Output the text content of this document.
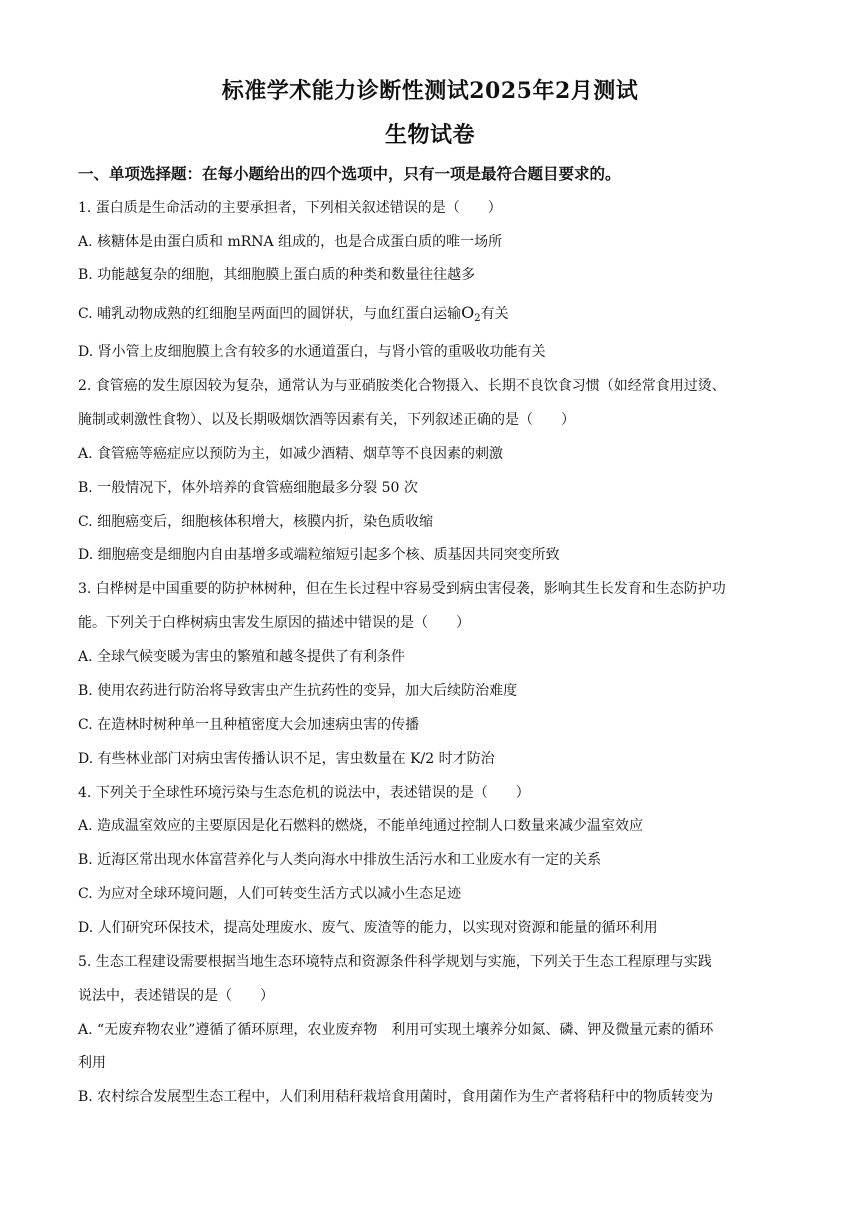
标准学术能力诊断性测试2025年2月测试
生物试卷
一、单项选择题：在每小题给出的四个选项中，只有一项是最符合题目要求的。
1. 蛋白质是生命活动的主要承担者，下列相关叙述错误的是（　　）
A. 核糖体是由蛋白质和 mRNA 组成的，也是合成蛋白质的唯一场所
B. 功能越复杂的细胞，其细胞膜上蛋白质的种类和数量往往越多
C. 哺乳动物成熟的红细胞呈两面凹的圆饼状，与血红蛋白运输$O_2$有关
D. 肾小管上皮细胞膜上含有较多的水通道蛋白，与肾小管的重吸收功能有关
2. 食管癌的发生原因较为复杂，通常认为与亚硝胺类化合物摄入、长期不良饮食习惯（如经常食用过烫、
腌制或刺激性食物）、以及长期吸烟饮酒等因素有关，下列叙述正确的是（　　）
A. 食管癌等癌症应以预防为主，如减少酒精、烟草等不良因素的刺激
B. 一般情况下，体外培养的食管癌细胞最多分裂 50 次
C. 细胞癌变后，细胞核体积增大，核膜内折，染色质收缩
D. 细胞癌变是细胞内自由基增多或端粒缩短引起多个核、质基因共同突变所致
3. 白桦树是中国重要的防护林树种，但在生长过程中容易受到病虫害侵袭，影响其生长发育和生态防护功
能。下列关于白桦树病虫害发生原因的描述中错误的是（　　）
A. 全球气候变暖为害虫的繁殖和越冬提供了有利条件
B. 使用农药进行防治将导致害虫产生抗药性的变异，加大后续防治难度
C. 在造林时树种单一且种植密度大会加速病虫害的传播
D. 有些林业部门对病虫害传播认识不足，害虫数量在 K/2 时才防治
4. 下列关于全球性环境污染与生态危机的说法中，表述错误的是（　　）
A. 造成温室效应的主要原因是化石燃料的燃烧，不能单纯通过控制人口数量来减少温室效应
B. 近海区常出现水体富营养化与人类向海水中排放生活污水和工业废水有一定的关系
C. 为应对全球环境问题，人们可转变生活方式以减小生态足迹
D. 人们研究环保技术，提高处理废水、废气、废渣等的能力，以实现对资源和能量的循环利用
5. 生态工程建设需要根据当地生态环境特点和资源条件科学规划与实施，下列关于生态工程原理与实践
说法中，表述错误的是（　　）
A. “无废弃物农业”遵循了循环原理，农业废弃物　利用可实现土壤养分如氮、磷、钾及微量元素的循环
利用
B. 农村综合发展型生态工程中，人们利用秸秆栽培食用菌时，食用菌作为生产者将秸秆中的物质转变为
